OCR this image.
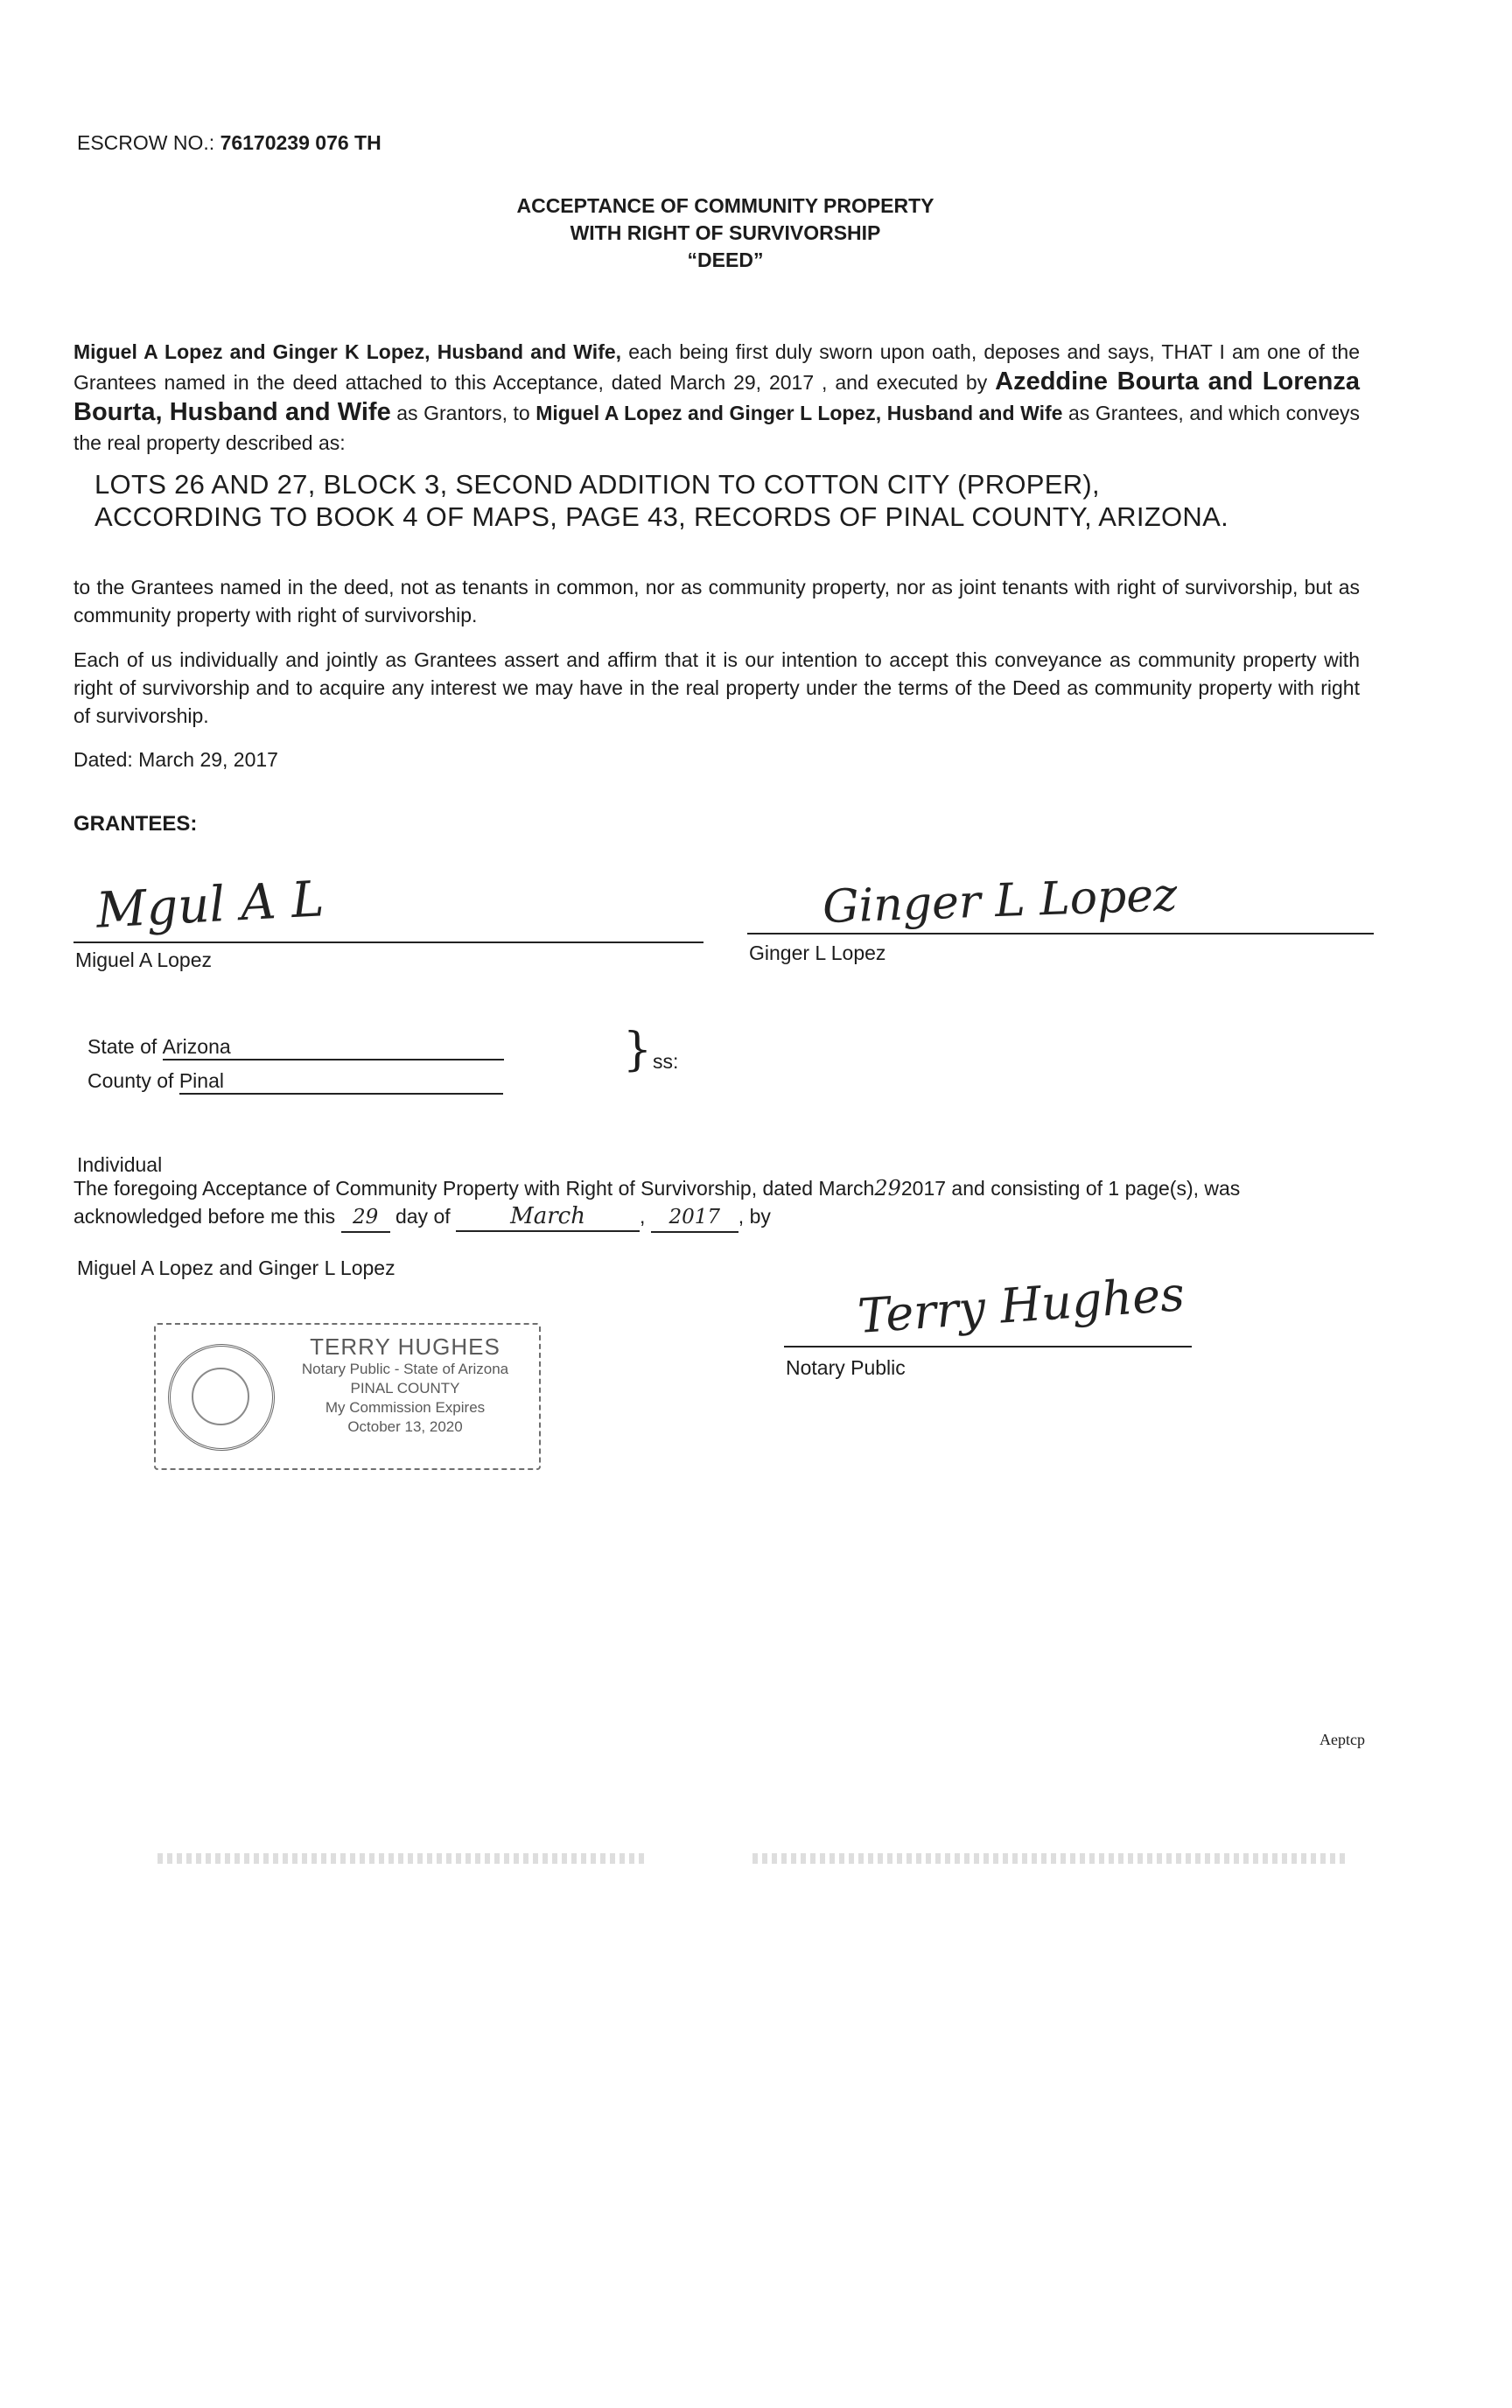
ESCROW NO.: 76170239 076 TH
ACCEPTANCE OF COMMUNITY PROPERTY
WITH RIGHT OF SURVIVORSHIP
“DEED”
Miguel A Lopez and Ginger K Lopez, Husband and Wife, each being first duly sworn upon oath, deposes and says, THAT I am one of the Grantees named in the deed attached to this Acceptance, dated March 29, 2017 , and executed by Azeddine Bourta and Lorenza Bourta, Husband and Wife as Grantors, to Miguel A Lopez and Ginger L Lopez, Husband and Wife as Grantees, and which conveys the real property described as:
LOTS 26 AND 27, BLOCK 3, SECOND ADDITION TO COTTON CITY (PROPER),
ACCORDING TO BOOK 4 OF MAPS, PAGE 43, RECORDS OF PINAL COUNTY, ARIZONA.
to the Grantees named in the deed, not as tenants in common, nor as community property, nor as joint tenants with right of survivorship, but as community property with right of survivorship.
Each of us individually and jointly as Grantees assert and affirm that it is our intention to accept this conveyance as community property with right of survivorship and to acquire any interest we may have in the real property under the terms of the Deed as community property with right of survivorship.
Dated: March 29, 2017
GRANTEES:
Mgul A L
Miguel A Lopez
Ginger L Lopez
Ginger L Lopez
State of Arizona
County of Pinal
} ss:
Individual
The foregoing Acceptance of Community Property with Right of Survivorship, dated March292017 and consisting of 1 page(s), was acknowledged before me this 29 day of	March	, 2017 , by
Miguel A Lopez and Ginger L Lopez	Terry Hughes
Notary Public
TERRY HUGHES
Notary Public - State of Arizona
PINAL COUNTY
My Commission Expires
October 13, 2020
Aeptcp
